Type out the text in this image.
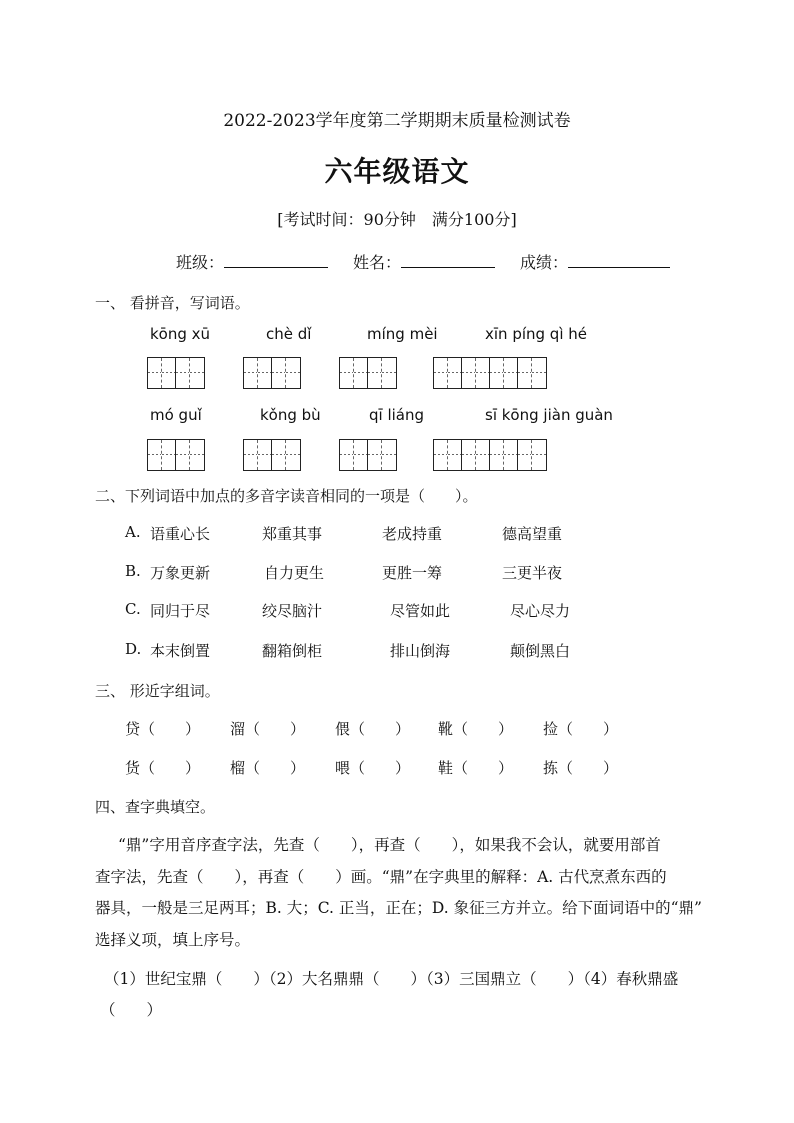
2022-2023学年度第二学期期末质量检测试卷
六年级语文
[考试时间：90分钟　满分100分]
班级：	姓名：	成绩：
一、 看拼音，写词语。
kōng xū	chè dǐ	míng mèi	xīn píng qì hé
mó guǐ	kǒng bù	qī liáng	sī kōng jiàn guàn
二、下列词语中加点的多音字读音相同的一项是（　　）。
A. 语重心长	郑重其事	老成持重	德高望重
B. 万象更新	自力更生	更胜一筹	三更半夜
C. 同归于尽	绞尽脑汁	尽管如此	尽心尽力
D. 本末倒置	翻箱倒柜	排山倒海	颠倒黑白
三、 形近字组词。
贷（　　） 溜（　　） 偎（　　） 靴（　　） 捡（　　）
货（　　） 榴（　　） 喂（　　） 鞋（　　） 拣（　　）
四、查字典填空。
“鼎”字用音序查字法，先查（　　），再查（　　），如果我不会认，就要用部首
查字法，先查（　　），再查（　　）画。“鼎”在字典里的解释：A. 古代烹煮东西的
器具，一般是三足两耳；B. 大；C. 正当，正在；D. 象征三方并立。给下面词语中的“鼎”
选择义项，填上序号。
（1）世纪宝鼎（　　）（2）大名鼎鼎（　　）（3）三国鼎立（　　）（4）春秋鼎盛
（　　）
